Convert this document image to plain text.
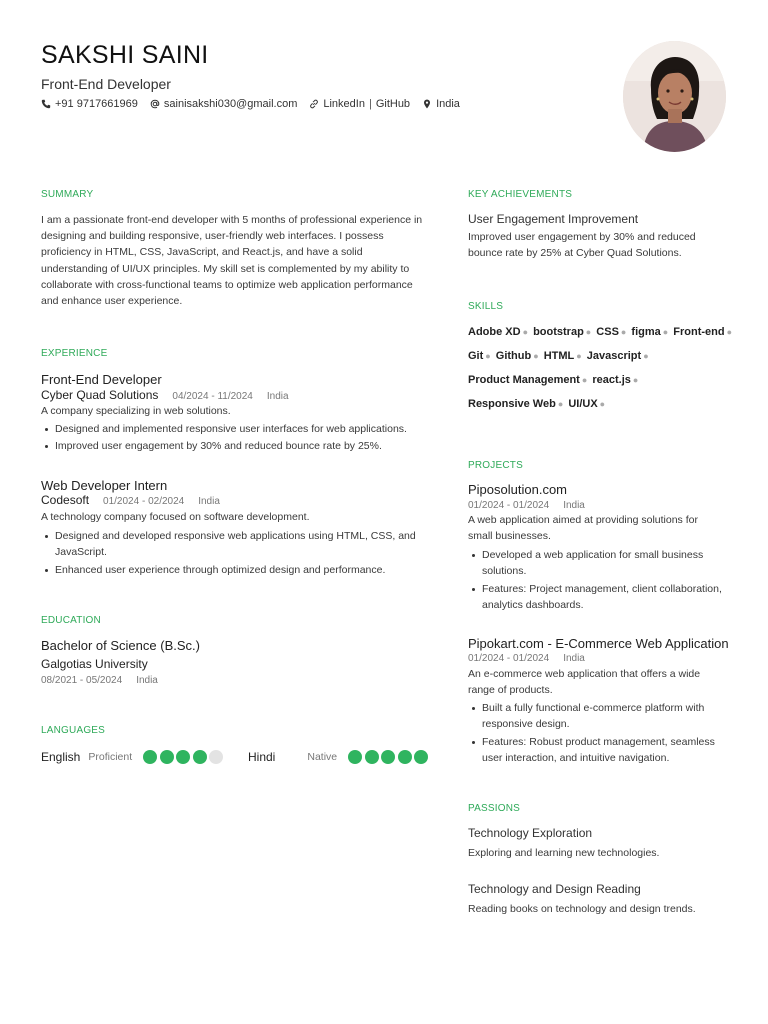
SAKSHI SAINI
Front-End Developer
+91 9717661969 sainisakshi030@gmail.com LinkedIn | GitHub India
SUMMARY
I am a passionate front-end developer with 5 months of professional experience in designing and building responsive, user-friendly web interfaces. I possess proficiency in HTML, CSS, JavaScript, and React.js, and have a solid understanding of UI/UX principles. My skill set is complemented by my ability to collaborate with cross-functional teams to optimize web application performance and enhance user experience.
EXPERIENCE
Front-End Developer
Cyber Quad Solutions 04/2024 - 11/2024 India
A company specializing in web solutions.
Designed and implemented responsive user interfaces for web applications.
Improved user engagement by 30% and reduced bounce rate by 25%.
Web Developer Intern
Codesoft 01/2024 - 02/2024 India
A technology company focused on software development.
Designed and developed responsive web applications using HTML, CSS, and JavaScript.
Enhanced user experience through optimized design and performance.
EDUCATION
Bachelor of Science (B.Sc.)
Galgotias University
08/2021 - 05/2024 India
LANGUAGES
English Proficient	Hindi	Native
KEY ACHIEVEMENTS
User Engagement Improvement
Improved user engagement by 30% and reduced bounce rate by 25% at Cyber Quad Solutions.
SKILLS
Adobe XD ● bootstrap ● CSS ● figma ● Front-end ● Git ● Github ● HTML ● Javascript ● Product Management ● react.js ● Responsive Web ● UI/UX ●
PROJECTS
Piposolution.com
01/2024 - 01/2024 India
A web application aimed at providing solutions for small businesses.
Developed a web application for small business solutions.
Features: Project management, client collaboration, analytics dashboards.
Pipokart.com - E-Commerce Web Application
01/2024 - 01/2024 India
An e-commerce web application that offers a wide range of products.
Built a fully functional e-commerce platform with responsive design.
Features: Robust product management, seamless user interaction, and intuitive navigation.
PASSIONS
Technology Exploration
Exploring and learning new technologies.
Technology and Design Reading
Reading books on technology and design trends.
